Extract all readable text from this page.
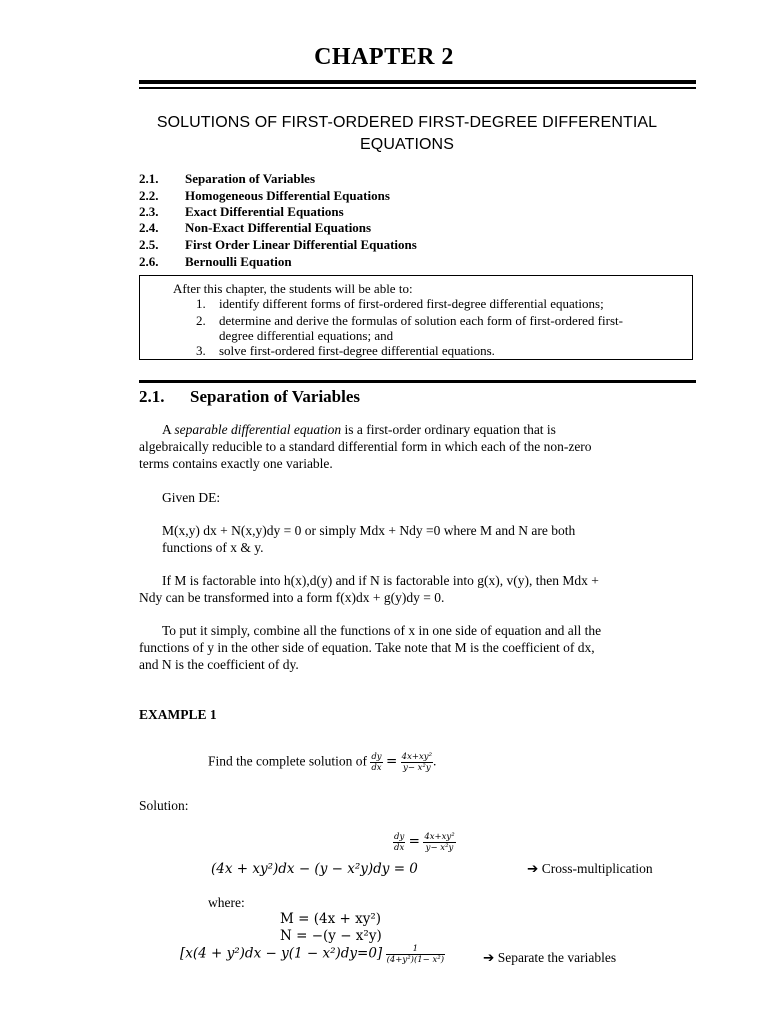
CHAPTER 2
SOLUTIONS OF FIRST-ORDERED FIRST-DEGREE DIFFERENTIAL EQUATIONS
2.1. Separation of Variables
2.2. Homogeneous Differential Equations
2.3. Exact Differential Equations
2.4. Non-Exact Differential Equations
2.5. First Order Linear Differential Equations
2.6. Bernoulli Equation
After this chapter, the students will be able to:
1. identify different forms of first-ordered first-degree differential equations;
2. determine and derive the formulas of solution each form of first-ordered first-
degree differential equations; and
3. solve first-ordered first-degree differential equations.
2.1. Separation of Variables
A separable differential equation is a first-order ordinary equation that is
algebraically reducible to a standard differential form in which each of the non-zero
terms contains exactly one variable.
Given DE:
M(x,y) dx + N(x,y)dy = 0 or simply Mdx + Ndy =0 where M and N are both
functions of x & y.
If M is factorable into h(x),d(y) and if N is factorable into g(x), v(y), then Mdx +
Ndy can be transformed into a form f(x)dx + g(y)dy = 0.
To put it simply, combine all the functions of x in one side of equation and all the
functions of y in the other side of equation. Take note that M is the coefficient of dx,
and N is the coefficient of dy.
EXAMPLE 1
Find the complete solution of $\frac{dy}{dx} = \frac{\text{4x+xy²}}{\text{y− x²y}}$ .
Solution:
$\frac{dy}{dx} = \frac{\text{4x+xy²}}{\text{y− x²y}}$
(4x + xy²)dx − (y − x²y)dy = 0	➔ Cross-multiplication
where:
M = (4x + xy²)
N = −(y − x²y)
$[x(4 + y^2)dx - y(1 - x^2)dy=0] \frac{1}{\text{(4+y²)(1− x²)}}$	➔ Separate the variables
